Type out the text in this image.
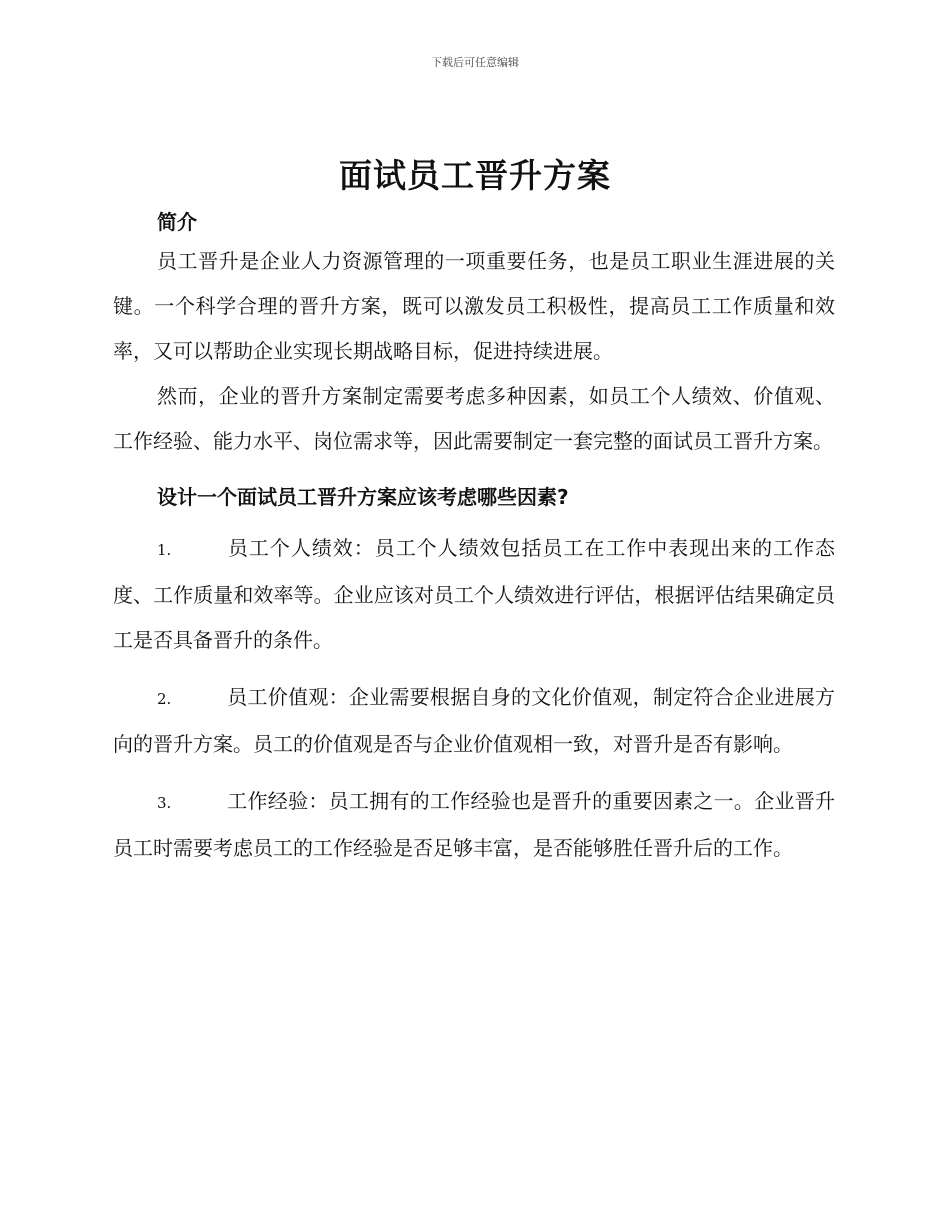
下载后可任意编辑
面试员工晋升方案
简介

员工晋升是企业人力资源管理的一项重要任务，也是员工职业生涯进展的关键。一个科学合理的晋升方案，既可以激发员工积极性，提高员工工作质量和效率，又可以帮助企业实现长期战略目标，促进持续进展。

然而，企业的晋升方案制定需要考虑多种因素，如员工个人绩效、价值观、工作经验、能力水平、岗位需求等，因此需要制定一套完整的面试员工晋升方案。

设计一个面试员工晋升方案应该考虑哪些因素?

1.	员工个人绩效：员工个人绩效包括员工在工作中表现出来的工作态度、工作质量和效率等。企业应该对员工个人绩效进行评估，根据评估结果确定员工是否具备晋升的条件。

2.	员工价值观：企业需要根据自身的文化价值观，制定符合企业进展方向的晋升方案。员工的价值观是否与企业价值观相一致，对晋升是否有影响。

3.	工作经验：员工拥有的工作经验也是晋升的重要因素之一。企业晋升员工时需要考虑员工的工作经验是否足够丰富，是否能够胜任晋升后的工作。
